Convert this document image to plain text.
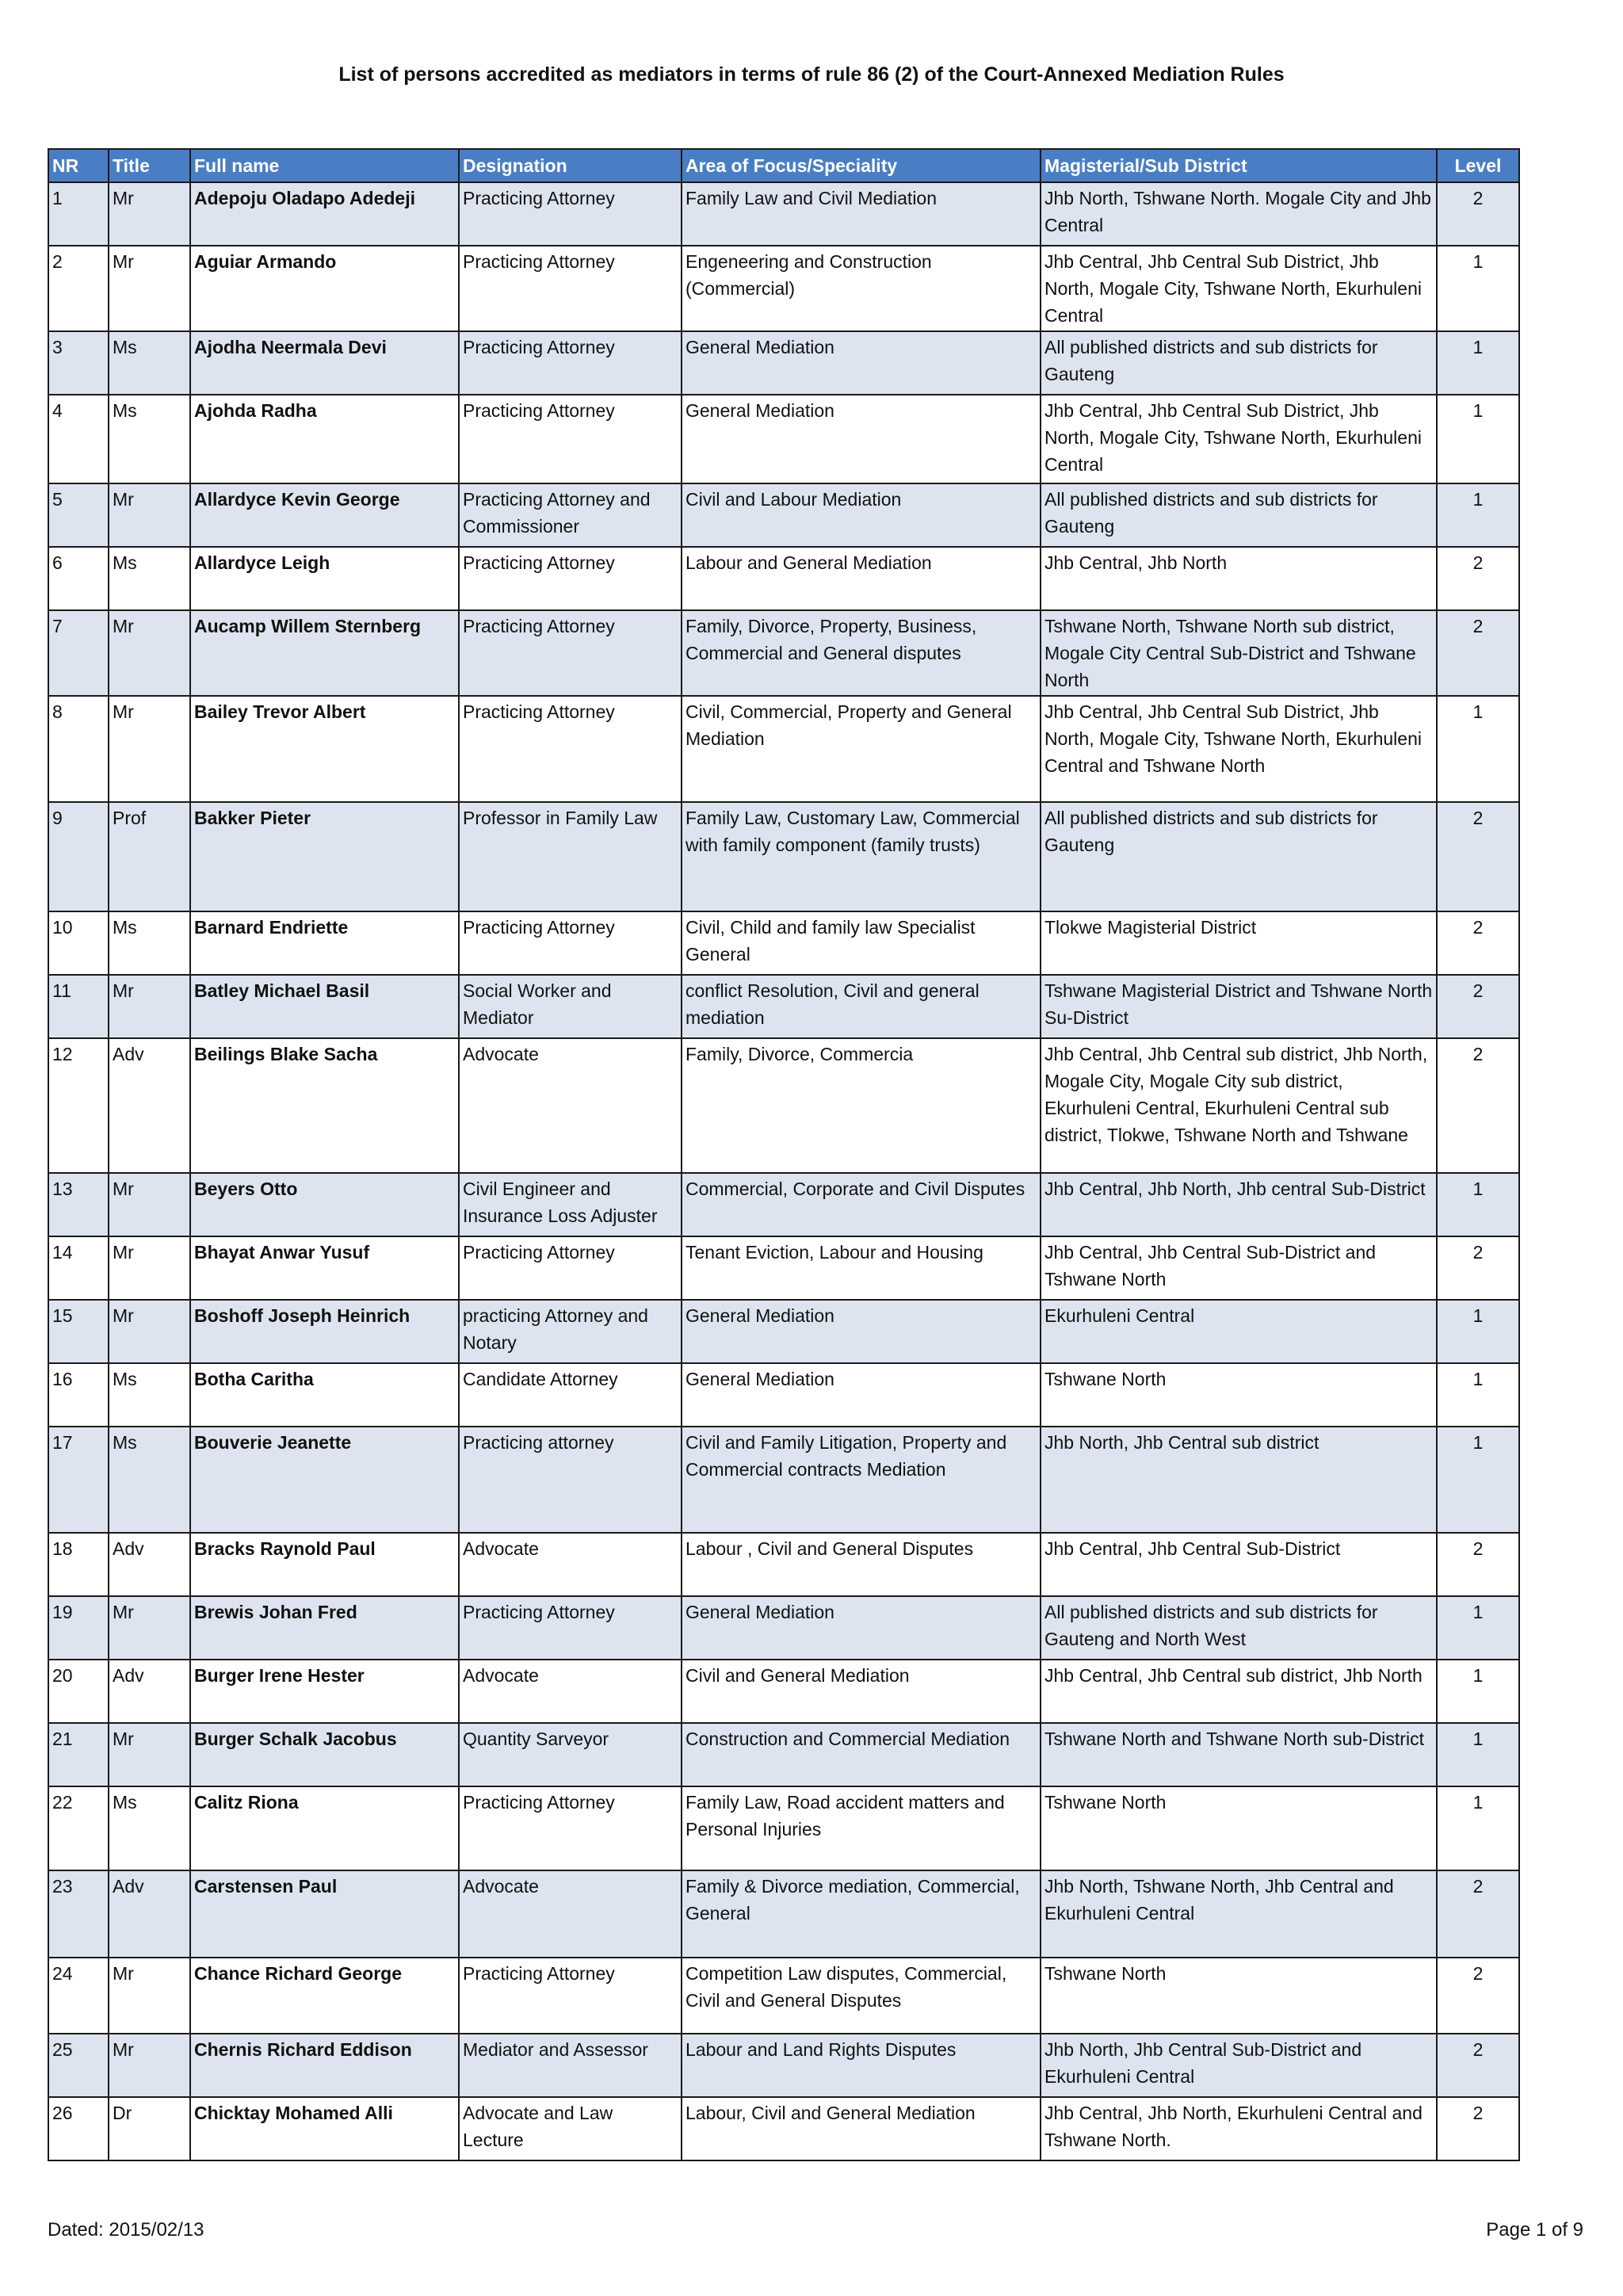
List of persons accredited as mediators in terms of rule 86 (2) of the Court-Annexed Mediation Rules
NR	Title	Full name	Designation	Area of Focus/Speciality	Magisterial/Sub District	Level
1	Mr	Adepoju Oladapo Adedeji	Practicing Attorney	Family Law and Civil Mediation	Jhb North, Tshwane North. Mogale City and Jhb Central	2
2	Mr	Aguiar Armando	Practicing Attorney	Engeneering and Construction (Commercial)	Jhb Central, Jhb Central Sub District, Jhb North, Mogale City, Tshwane North, Ekurhuleni Central	1
3	Ms	Ajodha Neermala Devi	Practicing Attorney	General Mediation	All published districts and sub districts for Gauteng	1
4	Ms	Ajohda Radha	Practicing Attorney	General Mediation	Jhb Central, Jhb Central Sub District, Jhb North, Mogale City, Tshwane North, Ekurhuleni Central	1
5	Mr	Allardyce Kevin George	Practicing Attorney and Commissioner	Civil and Labour Mediation	All published districts and sub districts for Gauteng	1
6	Ms	Allardyce Leigh	Practicing Attorney	Labour and General Mediation	Jhb Central, Jhb North	2
7	Mr	Aucamp Willem Sternberg	Practicing Attorney	Family, Divorce, Property, Business, Commercial and General disputes	Tshwane North, Tshwane North sub district, Mogale City Central Sub-District and Tshwane North	2
8	Mr	Bailey Trevor Albert	Practicing Attorney	Civil, Commercial, Property and General Mediation	Jhb Central, Jhb Central Sub District, Jhb North, Mogale City, Tshwane North, Ekurhuleni Central and Tshwane North	1
9	Prof	Bakker Pieter	Professor in Family Law	Family Law, Customary Law, Commercial with family component (family trusts)	All published districts and sub districts for Gauteng	2
10	Ms	Barnard Endriette	Practicing Attorney	Civil, Child and family law Specialist General	Tlokwe Magisterial District	2
11	Mr	Batley Michael Basil	Social Worker and Mediator	conflict Resolution, Civil and general mediation	Tshwane Magisterial District and Tshwane North Su-District	2
12	Adv	Beilings Blake Sacha	Advocate	Family, Divorce, Commercia	Jhb Central, Jhb Central sub district, Jhb North, Mogale City, Mogale City sub district, Ekurhuleni Central, Ekurhuleni Central sub district, Tlokwe, Tshwane North and Tshwane	2
13	Mr	Beyers Otto	Civil Engineer and Insurance Loss Adjuster	Commercial, Corporate and Civil Disputes	Jhb Central, Jhb North, Jhb central Sub-District	1
14	Mr	Bhayat Anwar Yusuf	Practicing Attorney	Tenant Eviction, Labour and Housing	Jhb Central, Jhb Central Sub-District and Tshwane North	2
15	Mr	Boshoff Joseph Heinrich	practicing Attorney and Notary	General Mediation	Ekurhuleni Central	1
16	Ms	Botha Caritha	Candidate Attorney	General Mediation	Tshwane North	1
17	Ms	Bouverie Jeanette	Practicing attorney	Civil and Family Litigation, Property and Commercial contracts Mediation	Jhb North, Jhb Central sub district	1
18	Adv	Bracks Raynold Paul	Advocate	Labour , Civil and General Disputes	Jhb Central, Jhb Central Sub-District	2
19	Mr	Brewis Johan Fred	Practicing Attorney	General Mediation	All published districts and sub districts for Gauteng and North West	1
20	Adv	Burger Irene Hester	Advocate	Civil and General Mediation	Jhb Central, Jhb Central sub district, Jhb North	1
21	Mr	Burger Schalk Jacobus	Quantity Sarveyor	Construction and Commercial Mediation	Tshwane North and Tshwane North sub-District	1
22	Ms	Calitz Riona	Practicing Attorney	Family Law, Road accident matters and Personal Injuries	Tshwane North	1
23	Adv	Carstensen Paul	Advocate	Family & Divorce mediation, Commercial, General	Jhb North, Tshwane North, Jhb Central and Ekurhuleni Central	2
24	Mr	Chance Richard George	Practicing Attorney	Competition Law disputes, Commercial, Civil and General Disputes	Tshwane North	2
25	Mr	Chernis Richard Eddison	Mediator and Assessor	Labour and Land Rights Disputes	Jhb North, Jhb Central Sub-District and Ekurhuleni Central	2
26	Dr	Chicktay Mohamed Alli	Advocate and Law Lecture	Labour, Civil and General Mediation	Jhb Central, Jhb North, Ekurhuleni Central and Tshwane North.	2
Dated: 2015/02/13	Page 1 of 9
